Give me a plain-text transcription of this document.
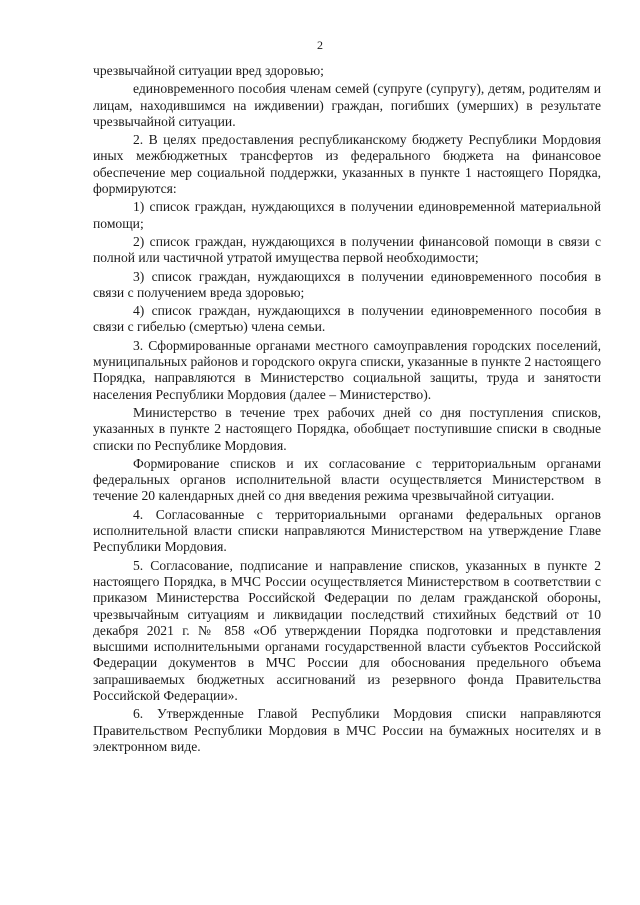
2

чрезвычайной ситуации вред здоровью;

единовременного пособия членам семей (супруге (супругу), детям, родителям и лицам, находившимся на иждивении) граждан, погибших (умерших) в результате чрезвычайной ситуации.

2. В целях предоставления республиканскому бюджету Республики Мордовия иных межбюджетных трансфертов из федерального бюджета на финансовое обеспечение мер социальной поддержки, указанных в пункте 1 настоящего Порядка, формируются:

1) список граждан, нуждающихся в получении единовременной материальной помощи;

2) список граждан, нуждающихся в получении финансовой помощи в связи с полной или частичной утратой имущества первой необходимости;

3) список граждан, нуждающихся в получении единовременного пособия в связи с получением вреда здоровью;

4) список граждан, нуждающихся в получении единовременного пособия в связи с гибелью (смертью) члена семьи.

3. Сформированные органами местного самоуправления городских поселений, муниципальных районов и городского округа списки, указанные в пункте 2 настоящего Порядка, направляются в Министерство социальной защиты, труда и занятости населения Республики Мордовия (далее – Министерство).

Министерство в течение трех рабочих дней со дня поступления списков, указанных в пункте 2 настоящего Порядка, обобщает поступившие списки в сводные списки по Республике Мордовия.

Формирование списков и их согласование с территориальным органами федеральных органов исполнительной власти осуществляется Министерством в течение 20 календарных дней со дня введения режима чрезвычайной ситуации.

4. Согласованные с территориальными органами федеральных органов исполнительной власти списки направляются Министерством на утверждение Главе Республики Мордовия.

5. Согласование, подписание и направление списков, указанных в пункте 2 настоящего Порядка, в МЧС России осуществляется Министерством в соответствии с приказом Министерства Российской Федерации по делам гражданской обороны, чрезвычайным ситуациям и ликвидации последствий стихийных бедствий от 10 декабря 2021 г. № 858 «Об утверждении Порядка подготовки и представления высшими исполнительными органами государственной власти субъектов Российской Федерации документов в МЧС России для обоснования предельного объема запрашиваемых бюджетных ассигнований из резервного фонда Правительства Российской Федерации».

6. Утвержденные Главой Республики Мордовия списки направляются Правительством Республики Мордовия в МЧС России на бумажных носителях и в электронном виде.
